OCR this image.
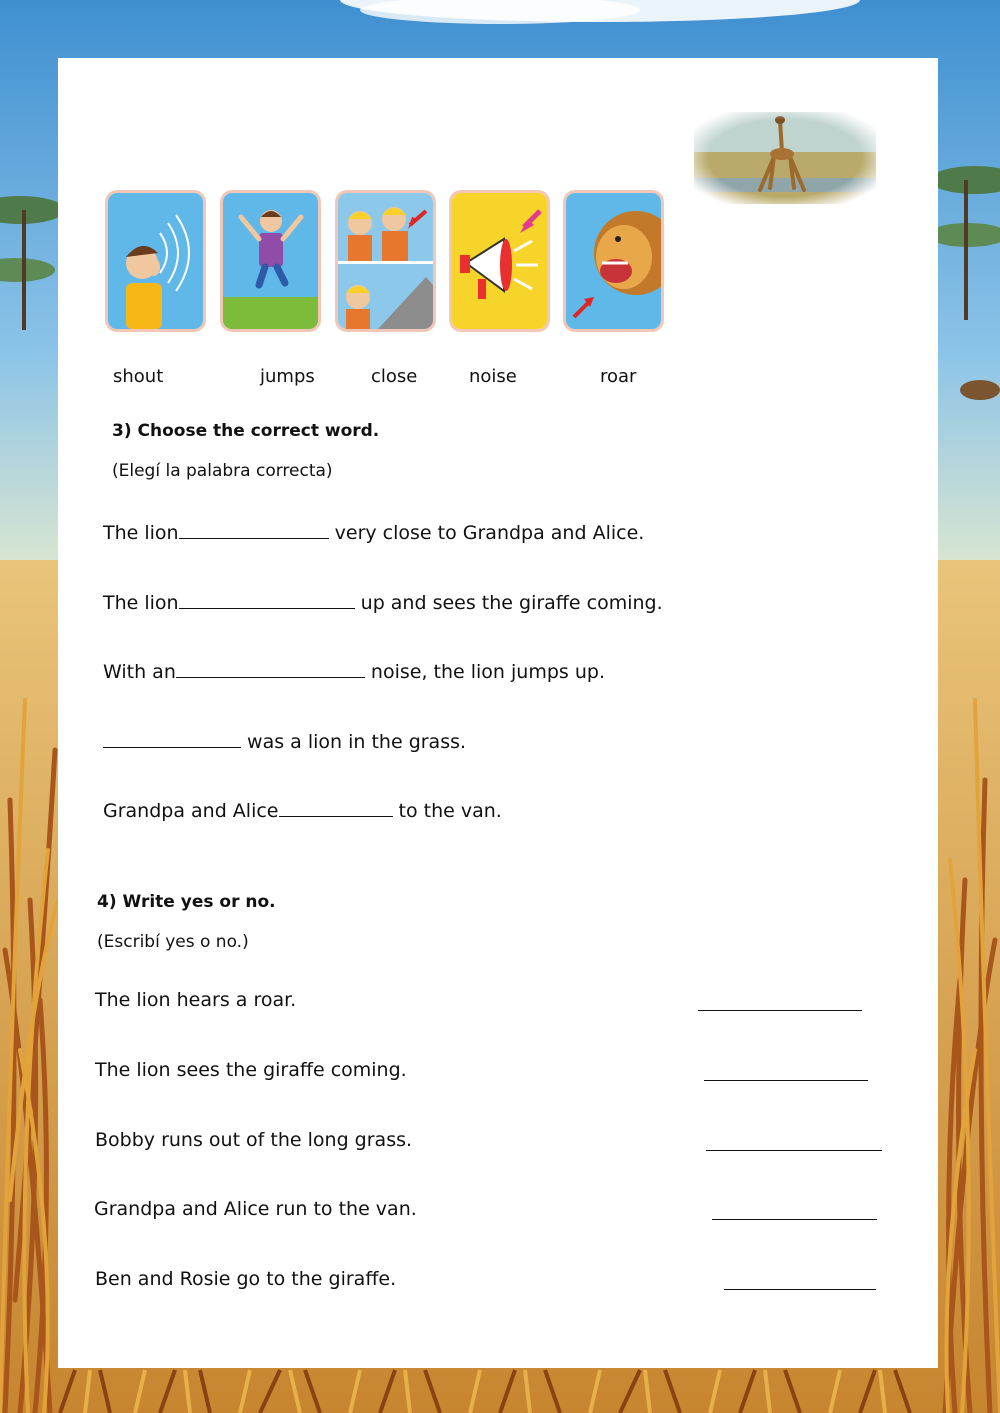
shout	jumps	close	noise	roar
3) Choose the correct word.
(Elegí la palabra correcta)
The lion	very close to Grandpa and Alice.
The lion	up and sees the giraffe coming.
With an	noise, the lion jumps up.
was a lion in the grass.
Grandpa and Alice	to the van.
4) Write yes or no.
(Escribí yes o no.)
The lion hears a roar.
The lion sees the giraffe coming.
Bobby runs out of the long grass.
Grandpa and Alice run to the van.
Ben and Rosie go to the giraffe.
